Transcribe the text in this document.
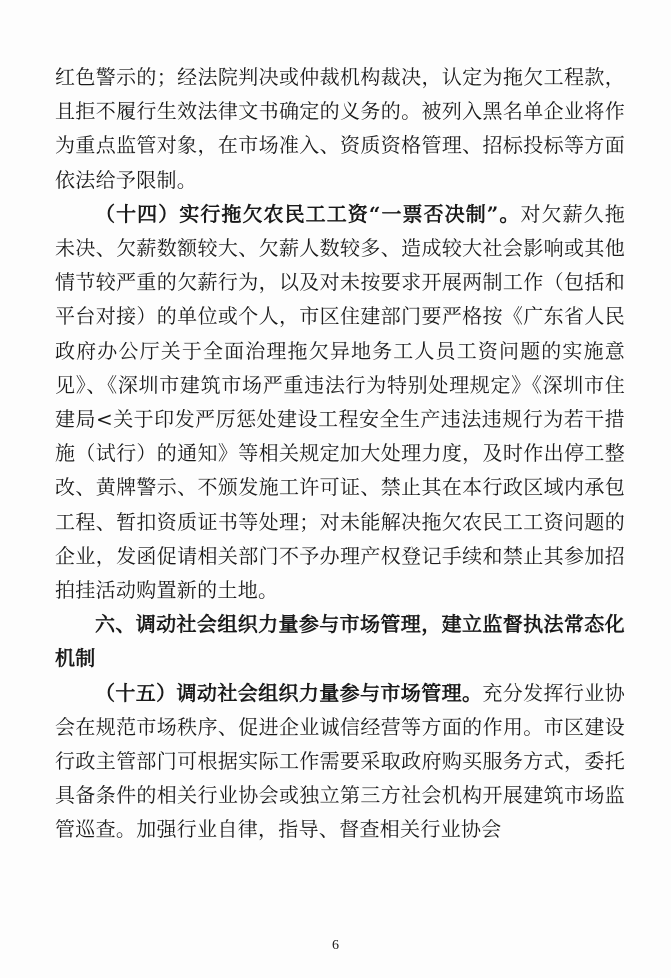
红色警示的；经法院判决或仲裁机构裁决，认定为拖欠工程款，且拒不履行生效法律文书确定的义务的。被列入黑名单企业将作为重点监管对象，在市场准入、资质资格管理、招标投标等方面依法给予限制。

（十四）实行拖欠农民工工资“一票否决制”。对欠薪久拖未决、欠薪数额较大、欠薪人数较多、造成较大社会影响或其他情节较严重的欠薪行为，以及对未按要求开展两制工作（包括和平台对接）的单位或个人，市区住建部门要严格按《广东省人民政府办公厅关于全面治理拖欠异地务工人员工资问题的实施意见》、《深圳市建筑市场严重违法行为特别处理规定》《深圳市住建局<关于印发严厉惩处建设工程安全生产违法违规行为若干措施（试行）的通知》等相关规定加大处理力度，及时作出停工整改、黄牌警示、不颁发施工许可证、禁止其在本行政区域内承包工程、暂扣资质证书等处理；对未能解决拖欠农民工工资问题的企业，发函促请相关部门不予办理产权登记手续和禁止其参加招拍挂活动购置新的土地。

六、调动社会组织力量参与市场管理，建立监督执法常态化机制

（十五）调动社会组织力量参与市场管理。充分发挥行业协会在规范市场秩序、促进企业诚信经营等方面的作用。市区建设行政主管部门可根据实际工作需要采取政府购买服务方式，委托具备条件的相关行业协会或独立第三方社会机构开展建筑市场监管巡查。加强行业自律，指导、督查相关行业协会

6
